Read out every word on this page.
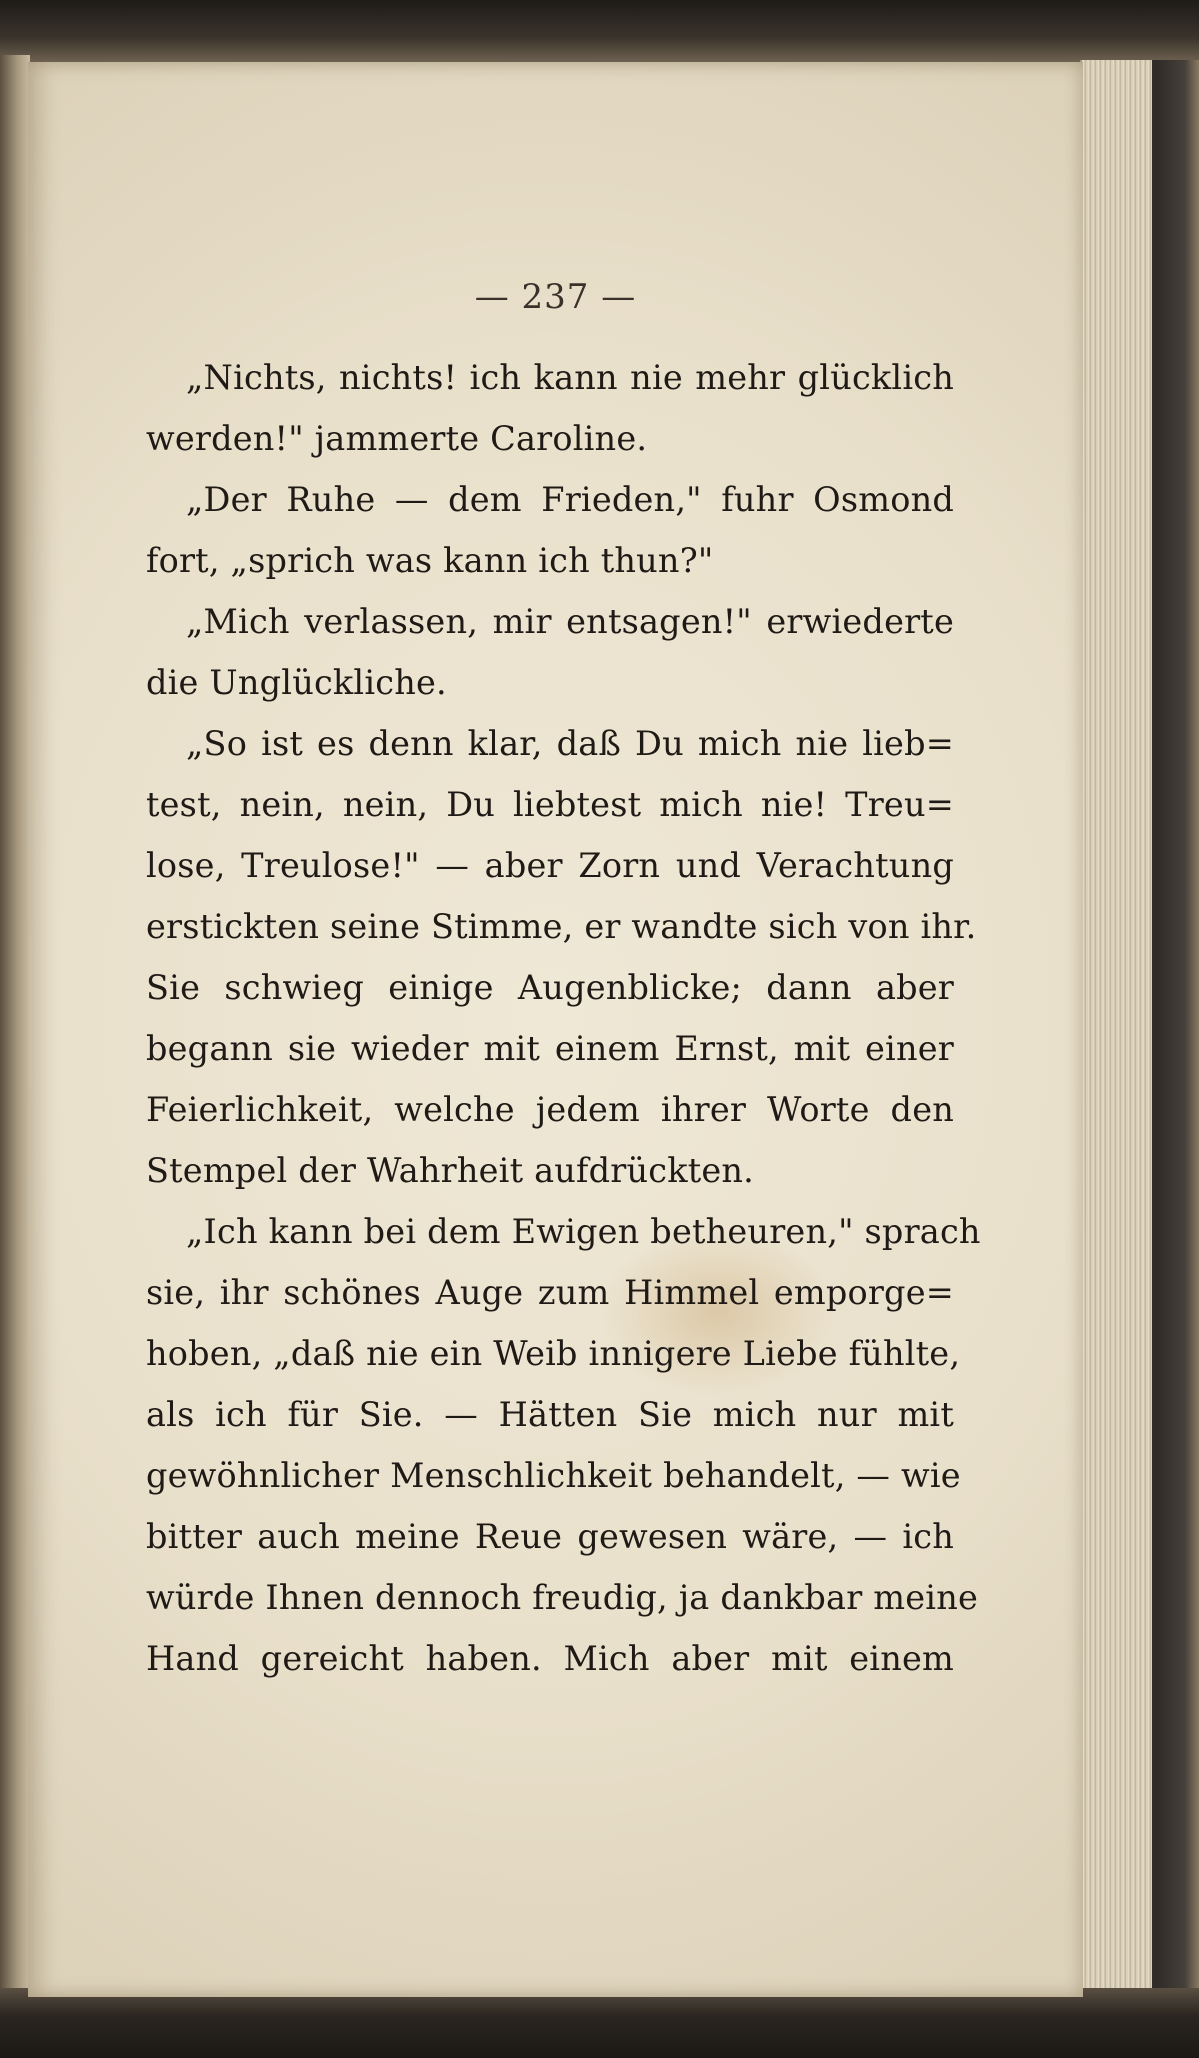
— 237 —
„Nichts, nichts! ich kann nie mehr glücklich
werden!" jammerte Caroline.
„Der Ruhe — dem Frieden," fuhr Osmond
fort, „sprich was kann ich thun?"
„Mich verlassen, mir entsagen!" erwiederte
die Unglückliche.
„So ist es denn klar, daß Du mich nie lieb=
test, nein, nein, Du liebtest mich nie! Treu=
lose, Treulose!" — aber Zorn und Verachtung
erstickten seine Stimme, er wandte sich von ihr.
Sie schwieg einige Augenblicke; dann aber
begann sie wieder mit einem Ernst, mit einer
Feierlichkeit, welche jedem ihrer Worte den
Stempel der Wahrheit aufdrückten.
„Ich kann bei dem Ewigen betheuren," sprach
sie, ihr schönes Auge zum Himmel emporge=
hoben, „daß nie ein Weib innigere Liebe fühlte,
als ich für Sie. — Hätten Sie mich nur mit
gewöhnlicher Menschlichkeit behandelt, — wie
bitter auch meine Reue gewesen wäre, — ich
würde Ihnen dennoch freudig, ja dankbar meine
Hand gereicht haben. Mich aber mit einem
